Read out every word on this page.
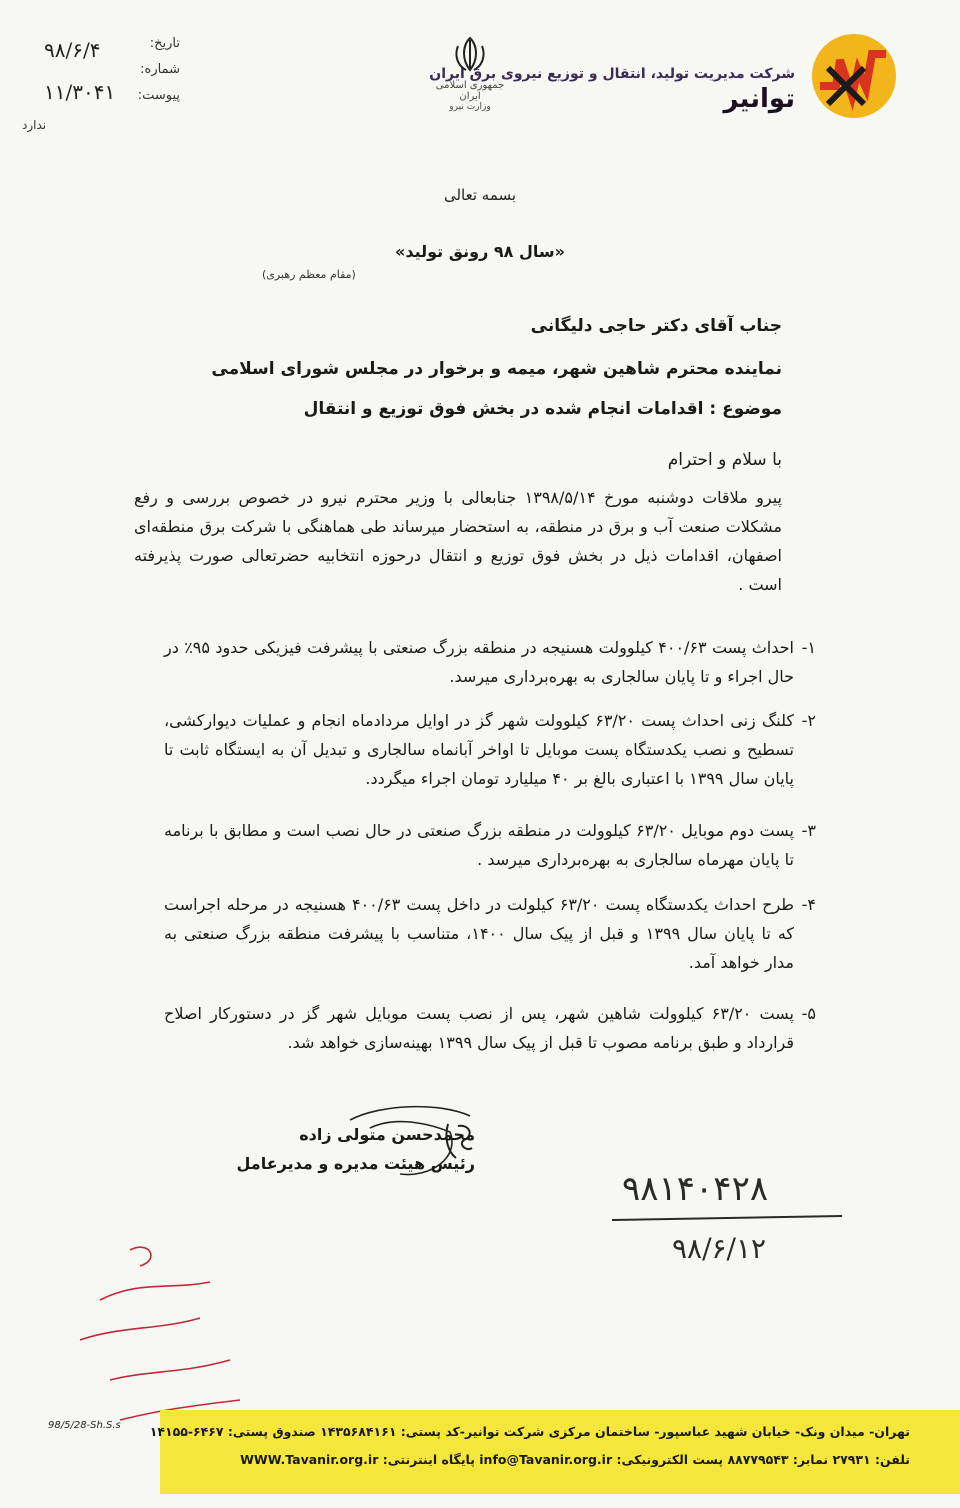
شرکت مدیریت تولید، انتقال و توزیع نیروی برق ایران
توانیر
جمهوری اسلامی ایران
وزارت نیرو
تاریخ:
۹۸/۶/۴
شماره:
پیوست:
۱۱/۳۰۴۱
ندارد
بسمه تعالی
«سال ۹۸ رونق تولید»
(مقام معظم رهبری)
جناب آقای دکتر حاجی دلیگانی
نماینده محترم شاهین شهر، میمه و برخوار در مجلس شورای اسلامی
موضوع : اقدامات انجام شده در بخش فوق توزیع و انتقال
با سلام و احترام
پیرو ملاقات دوشنبه مورخ ۱۳۹۸/۵/۱۴ جنابعالی با وزیر محترم نیرو در خصوص بررسی و رفع مشکلات صنعت آب و برق در منطقه، به استحضار میرساند طی هماهنگی با شرکت برق منطقه‌ای اصفهان، اقدامات ذیل در بخش فوق توزیع و انتقال درحوزه انتخابیه حضرتعالی صورت پذیرفته است .
۱-
احداث پست ۴۰۰/۶۳ کیلوولت هسنیجه در منطقه بزرگ صنعتی با پیشرفت فیزیکی حدود ۹۵٪ در حال اجراء و تا پایان سالجاری به بهره‌برداری میرسد.
۲-
کلنگ زنی احداث پست ۶۳/۲۰ کیلوولت شهر گز در اوایل مردادماه انجام و عملیات دیوارکشی، تسطیح و نصب یکدستگاه پست موبایل تا اواخر آبانماه سالجاری و تبدیل آن به ایستگاه ثابت تا پایان سال ۱۳۹۹ با اعتباری بالغ بر ۴۰ میلیارد تومان اجراء میگردد.
۳-
پست دوم موبایل ۶۳/۲۰ کیلوولت در منطقه بزرگ صنعتی در حال نصب است و مطابق با برنامه تا پایان مهرماه سالجاری به بهره‌برداری میرسد .
۴-
طرح احداث یکدستگاه پست ۶۳/۲۰ کیلولت در داخل پست ۴۰۰/۶۳ هسنیجه در مرحله اجراست که تا پایان سال ۱۳۹۹ و قبل از پیک سال ۱۴۰۰، متناسب با پیشرفت منطقه بزرگ صنعتی به مدار خواهد آمد.
۵-
پست ۶۳/۲۰ کیلوولت شاهین شهر، پس از نصب پست موبایل شهر گز در دستورکار اصلاح قرارداد و طبق برنامه مصوب تا قبل از پیک سال ۱۳۹۹ بهینه‌سازی خواهد شد.
محمدحسن متولی زاده
رئیس هیئت مدیره و مدیرعامل
۹۸۱۴۰۴۲۸
۹۸/۶/۱۲
تهران- میدان ونک- خیابان شهید عباسپور- ساختمان مرکزی شرکت توانیر-کد پستی: ۱۴۳۵۶۸۴۱۶۱ صندوق پستی: ۶۴۶۷-۱۴۱۵۵
تلفن: ۲۷۹۳۱ نمابر: ۸۸۷۷۹۵۴۳ پست الکترونیکی: info@Tavanir.org.ir پایگاه اینترنتی: WWW.Tavanir.org.ir
98/5/28-Sh.S.s
